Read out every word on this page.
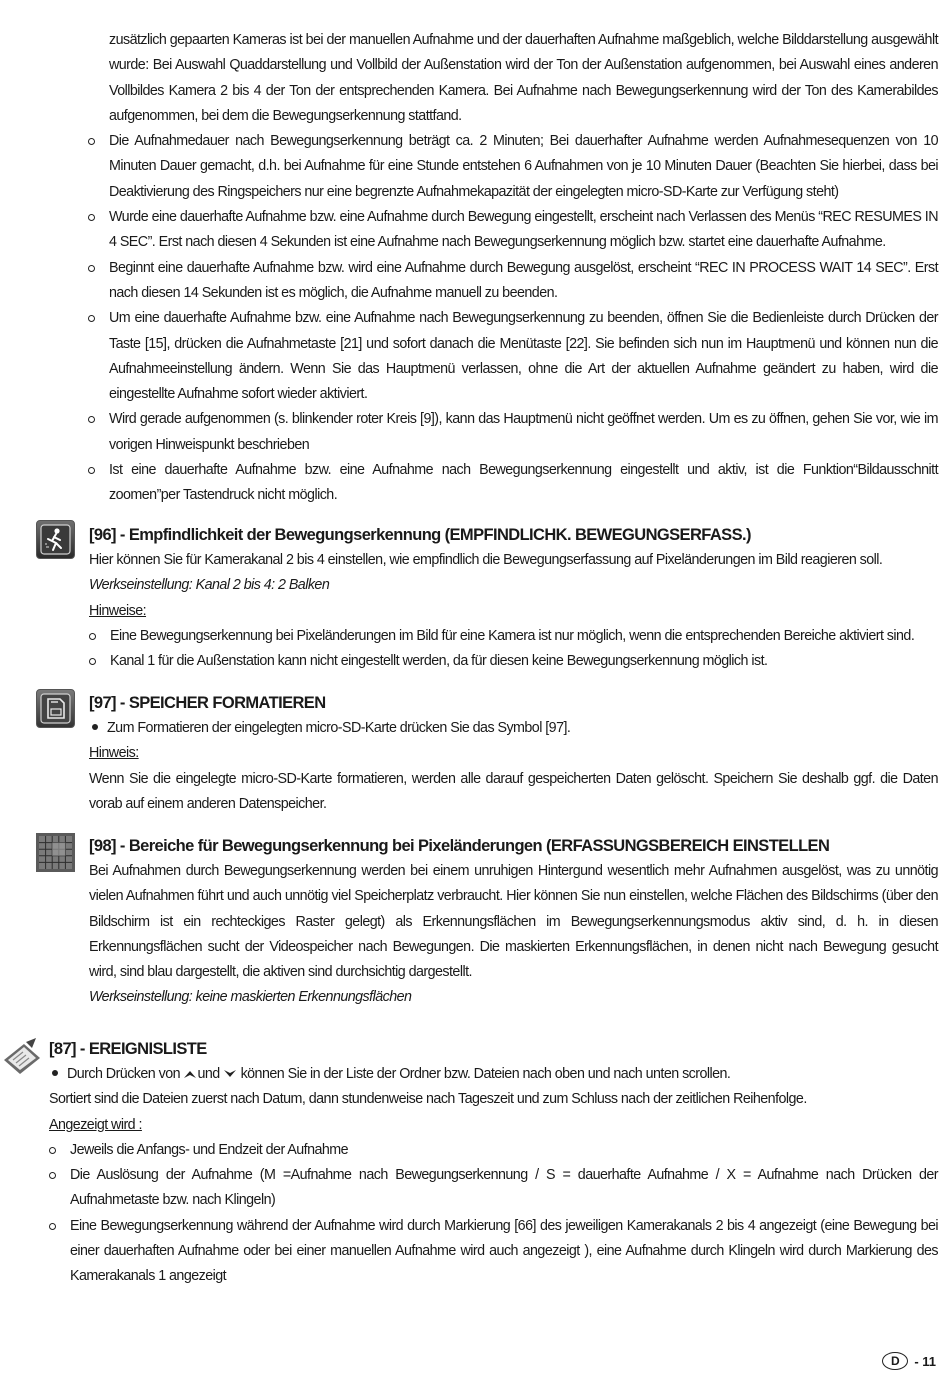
zusätzlich gepaarten Kameras ist bei der manuellen Aufnahme und der dauerhaften Aufnahme maßgeblich, welche Bilddarstellung ausgewählt wurde: Bei Auswahl Quaddarstellung und Vollbild der Außenstation wird der Ton der Außenstation aufgenommen, bei Auswahl eines anderen Vollbildes Kamera 2 bis 4 der Ton der entsprechenden Kamera. Bei Aufnahme nach Bewegungserkennung wird der Ton des Kamerabildes aufgenommen, bei dem die Bewegungserkennung stattfand.

Die Aufnahmedauer nach Bewegungserkennung beträgt ca. 2 Minuten; Bei dauerhafter Aufnahme werden Aufnahmesequenzen von 10 Minuten Dauer gemacht, d.h. bei Aufnahme für eine Stunde entstehen 6 Aufnahmen von je 10 Minuten Dauer (Beachten Sie hierbei, dass bei Deaktivierung des Ringspeichers nur eine begrenzte Aufnahmekapazität der eingelegten micro-SD-Karte zur Verfügung steht)
Wurde eine dauerhafte Aufnahme bzw. eine Aufnahme durch Bewegung eingestellt, erscheint nach Verlassen des Menüs “REC RESUMES IN 4 SEC”. Erst nach diesen 4 Sekunden ist eine Aufnahme nach Bewegungserkennung möglich bzw. startet eine dauerhafte Aufnahme.
Beginnt eine dauerhafte Aufnahme bzw. wird eine Aufnahme durch Bewegung ausgelöst, erscheint “REC IN PROCESS WAIT 14 SEC”. Erst nach diesen 14 Sekunden ist es möglich, die Aufnahme manuell zu beenden.
Um eine dauerhafte Aufnahme bzw. eine Aufnahme nach Bewegungserkennung zu beenden, öffnen Sie die Bedienleiste durch Drücken der Taste [15], drücken die Aufnahmetaste [21] und sofort danach die Menütaste [22]. Sie befinden sich nun im Hauptmenü und können nun die Aufnahmeeinstellung ändern. Wenn Sie das Hauptmenü verlassen, ohne die Art der aktuellen Aufnahme geändert zu haben, wird die eingestellte Aufnahme sofort wieder aktiviert.
Wird gerade aufgenommen (s. blinkender roter Kreis [9]), kann das Hauptmenü nicht geöffnet werden. Um es zu öffnen, gehen Sie vor, wie im vorigen Hinweispunkt beschrieben
Ist eine dauerhafte Aufnahme bzw. eine Aufnahme nach Bewegungserkennung eingestellt und aktiv, ist die Funktion“Bildausschnitt zoomen”per Tastendruck nicht möglich.

[96] - Empfindlichkeit der Bewegungserkennung (EMPFINDLICHK. BEWEGUNGSERFASS.)

Hier können Sie für Kamerakanal 2 bis 4 einstellen, wie empfindlich die Bewegungserfassung auf Pixeländerungen im Bild reagieren soll.

Werkseinstellung: Kanal 2 bis 4: 2 Balken

Hinweise:

Eine Bewegungserkennung bei Pixeländerungen im Bild für eine Kamera ist nur möglich, wenn die entsprechenden Bereiche aktiviert sind.
Kanal 1 für die Außenstation kann nicht eingestellt werden, da für diesen keine Bewegungserkennung möglich ist.

[97] - SPEICHER FORMATIEREN

Zum Formatieren der eingelegten micro-SD-Karte drücken Sie das Symbol [97].

Hinweis:

Wenn Sie die eingelegte micro-SD-Karte formatieren, werden alle darauf gespeicherten Daten gelöscht. Speichern Sie deshalb ggf. die Daten vorab auf einem anderen Datenspeicher.

[98] - Bereiche für Bewegungserkennung bei Pixeländerungen (ERFASSUNGSBEREICH EINSTELLEN

Bei Aufnahmen durch Bewegungserkennung werden bei einem unruhigen Hintergund wesentlich mehr Aufnahmen ausgelöst, was zu unnötig vielen Aufnahmen führt und auch unnötig viel Speicherplatz verbraucht. Hier können Sie nun einstellen, welche Flächen des Bildschirms (über den Bildschirm ist ein rechteckiges Raster gelegt) als Erkennungsflächen im Bewegungserkennungsmodus aktiv sind, d. h. in diesen Erkennungsflächen sucht der Videospeicher nach Bewegungen. Die maskierten Erkennungsflächen, in denen nicht nach Bewegung gesucht wird, sind blau dargestellt, die aktiven sind durchsichtig dargestellt.

Werkseinstellung: keine maskierten Erkennungsflächen

[87] - EREIGNISLISTE

Durch Drücken von und können Sie in der Liste der Ordner bzw. Dateien nach oben und nach unten scrollen.

Sortiert sind die Dateien zuerst nach Datum, dann stundenweise nach Tageszeit und zum Schluss nach der zeitlichen Reihenfolge.

Angezeigt wird :

Jeweils die Anfangs- und Endzeit der Aufnahme
Die Auslösung der Aufnahme (M =Aufnahme nach Bewegungserkennung / S = dauerhafte Aufnahme / X = Aufnahme nach Drücken der Aufnahmetaste bzw. nach Klingeln)
Eine Bewegungserkennung während der Aufnahme wird durch Markierung [66] des jeweiligen Kamerakanals 2 bis 4 angezeigt (eine Bewegung bei einer dauerhaften Aufnahme oder bei einer manuellen Aufnahme wird auch angezeigt ), eine Aufnahme durch Klingeln wird durch Markierung des Kamerakanals 1 angezeigt
D	- 11
